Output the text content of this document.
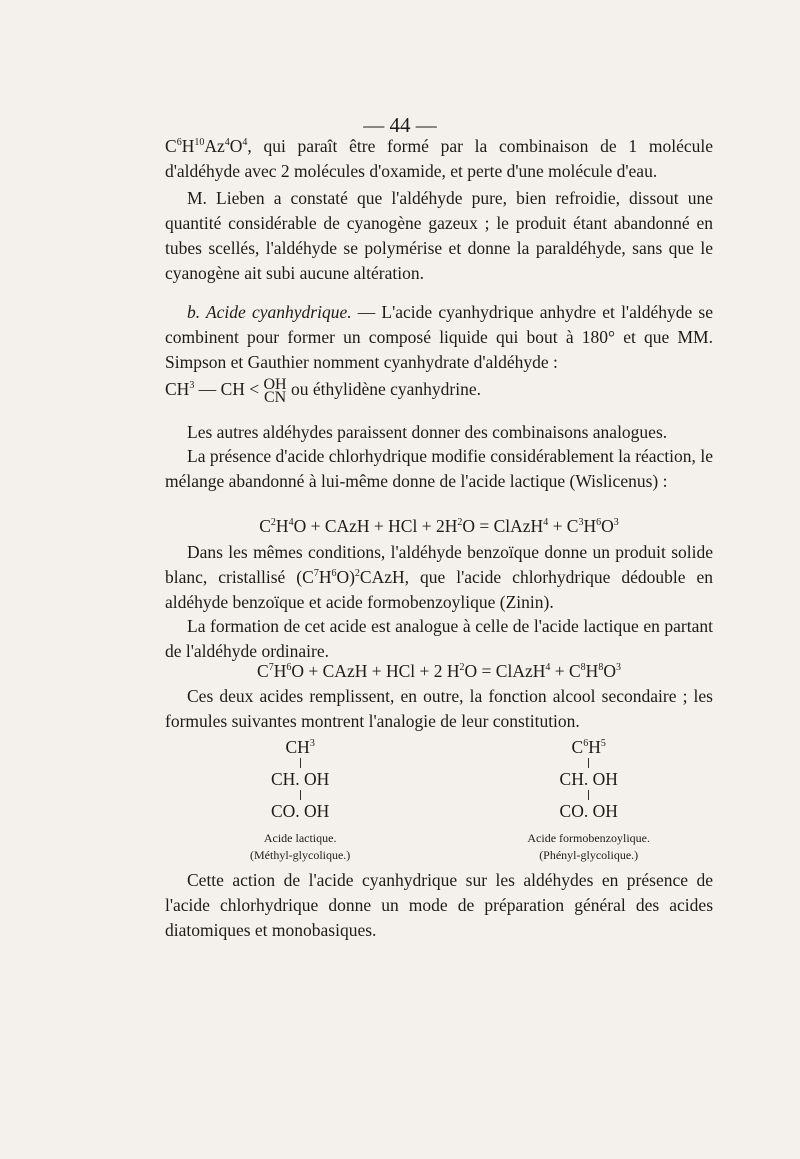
— 44 —

$C^6H^{10}Az^4O^4$, qui paraît être formé par la combinaison de 1 molécule d'aldéhyde avec 2 molécules d'oxamide, et perte d'une molécule d'eau.

M. Lieben a constaté que l'aldéhyde pure, bien refroidie, dissout une quantité considérable de cyanogène gazeux ; le produit étant abandonné en tubes scellés, l'aldéhyde se polymérise et donne la paraldéhyde, sans que le cyanogène ait subi aucune altération.

b. Acide cyanhydrique. — L'acide cyanhydrique anhydre et l'aldéhyde se combinent pour former un composé liquide qui bout à 180° et que MM. Simpson et Gauthier nomment cyanhydrate d'aldéhyde :

$CH^3$ — CH < OH
CN ou éthylidène cyanhydrine.

Les autres aldéhydes paraissent donner des combinaisons analogues.

La présence d'acide chlorhydrique modifie considérablement la réaction, le mélange abandonné à lui-même donne de l'acide lactique (Wislicenus) :

$C^2H^4O$ + CAzH + HCl + $2H^2O$ = ClAzH$^4$ + $C^3H^6O^3$

Dans les mêmes conditions, l'aldéhyde benzoïque donne un produit solide blanc, cristallisé $(C^7H^6O)^2CAzH$, que l'acide chlorhydrique dédouble en aldéhyde benzoïque et acide formobenzoylique (Zinin).

La formation de cet acide est analogue à celle de l'acide lactique en partant de l'aldéhyde ordinaire.

$C^7H^6O$ + CAzH + HCl + 2 $H^2O$ = ClAzH$^4$ + $C^8H^8O^3$

Ces deux acides remplissent, en outre, la fonction alcool secondaire ; les formules suivantes montrent l'analogie de leur constitution.

$CH^3$
CH. OH
CO. OH
Acide lactique.
(Méthyl-glycolique.)
$C^6H^5$
CH. OH
CO. OH
Acide formobenzoylique.
(Phényl-glycolique.)

Cette action de l'acide cyanhydrique sur les aldéhydes en présence de l'acide chlorhydrique donne un mode de préparation général des acides diatomiques et monobasiques.
